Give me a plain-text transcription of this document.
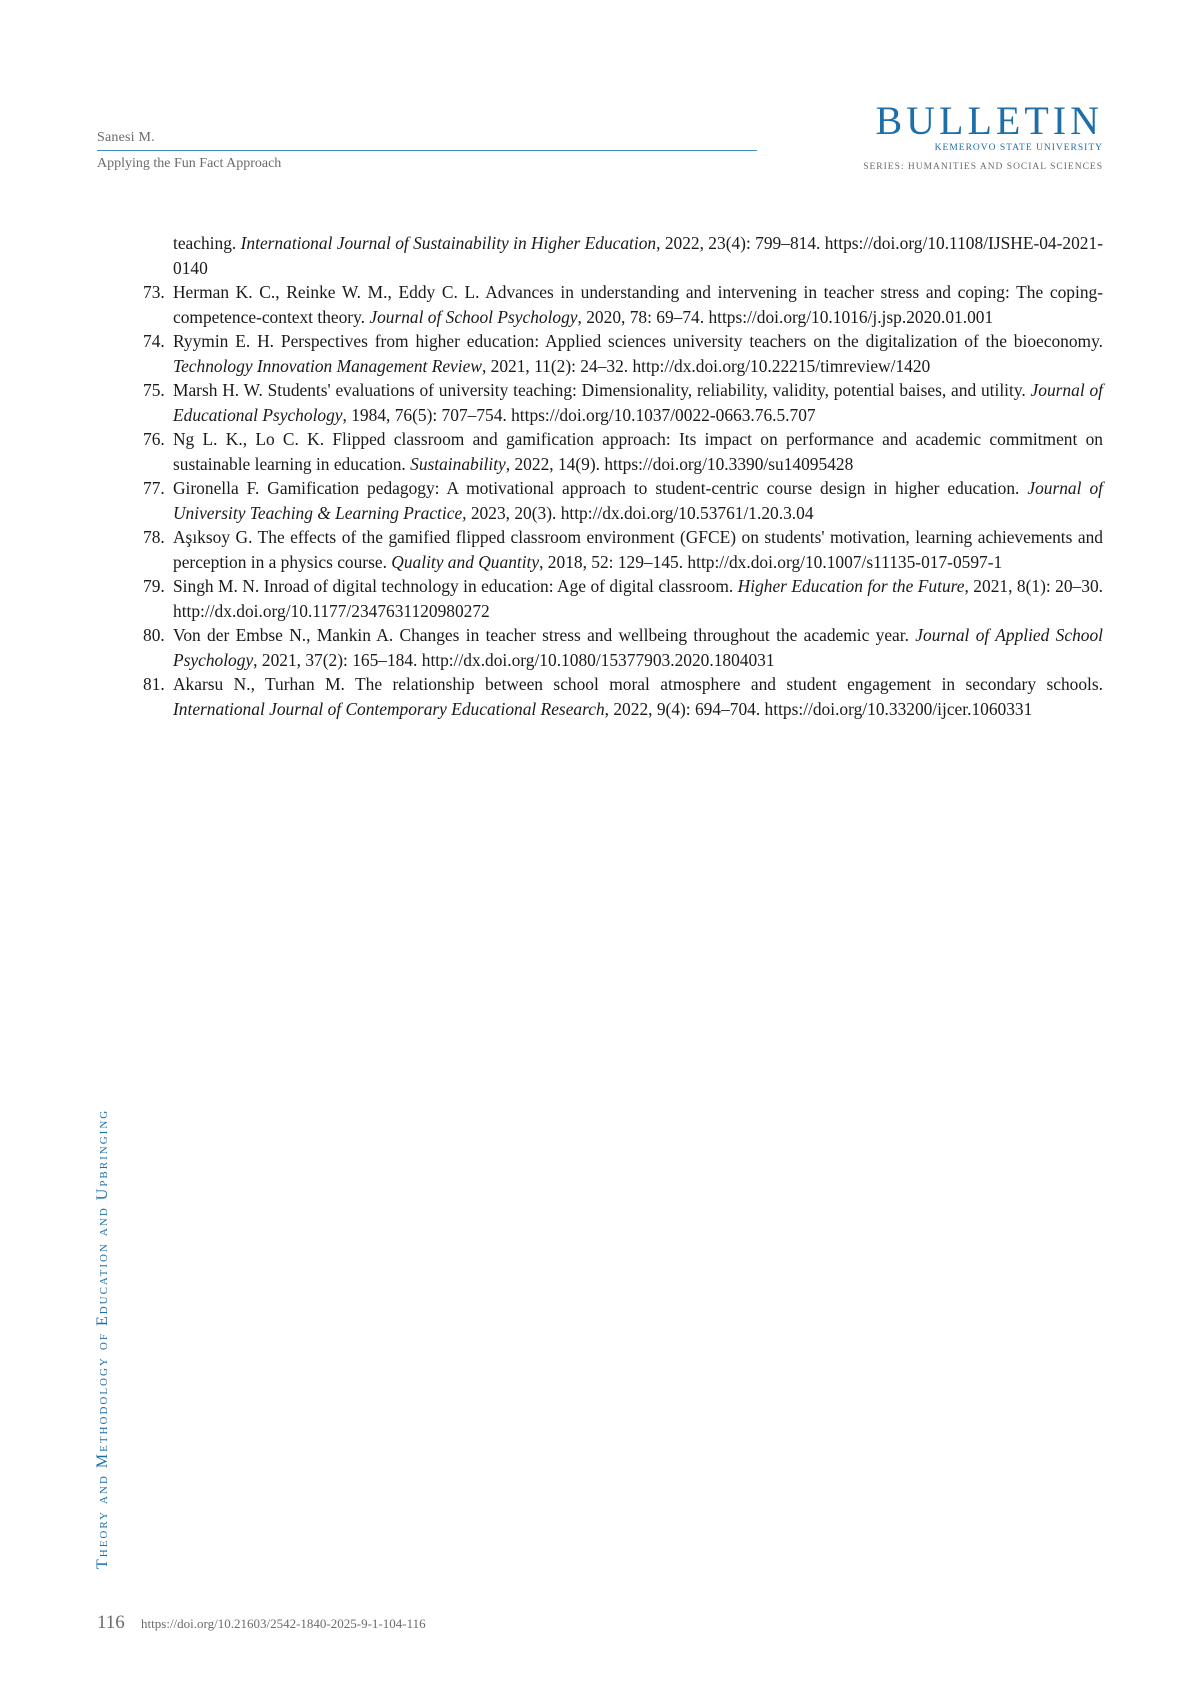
Sanesi M.
Applying the Fun Fact Approach
BULLETIN
KEMEROVO STATE UNIVERSITY
SERIES: HUMANITIES AND SOCIAL SCIENCES
teaching. International Journal of Sustainability in Higher Education, 2022, 23(4): 799–814. https://doi.org/10.1108/IJSHE-04-2021-0140
73. Herman K. C., Reinke W. M., Eddy C. L. Advances in understanding and intervening in teacher stress and coping: The coping-competence-context theory. Journal of School Psychology, 2020, 78: 69–74. https://doi.org/10.1016/j.jsp.2020.01.001
74. Ryymin E. H. Perspectives from higher education: Applied sciences university teachers on the digitalization of the bioeconomy. Technology Innovation Management Review, 2021, 11(2): 24–32. http://dx.doi.org/10.22215/timreview/1420
75. Marsh H. W. Students' evaluations of university teaching: Dimensionality, reliability, validity, potential baises, and utility. Journal of Educational Psychology, 1984, 76(5): 707–754. https://doi.org/10.1037/0022-0663.76.5.707
76. Ng L. K., Lo C. K. Flipped classroom and gamification approach: Its impact on performance and academic commitment on sustainable learning in education. Sustainability, 2022, 14(9). https://doi.org/10.3390/su14095428
77. Gironella F. Gamification pedagogy: A motivational approach to student-centric course design in higher education. Journal of University Teaching & Learning Practice, 2023, 20(3). http://dx.doi.org/10.53761/1.20.3.04
78. Aşıksoy G. The effects of the gamified flipped classroom environment (GFCE) on students' motivation, learning achievements and perception in a physics course. Quality and Quantity, 2018, 52: 129–145. http://dx.doi.org/10.1007/s11135-017-0597-1
79. Singh M. N. Inroad of digital technology in education: Age of digital classroom. Higher Education for the Future, 2021, 8(1): 20–30. http://dx.doi.org/10.1177/2347631120980272
80. Von der Embse N., Mankin A. Changes in teacher stress and wellbeing throughout the academic year. Journal of Applied School Psychology, 2021, 37(2): 165–184. http://dx.doi.org/10.1080/15377903.2020.1804031
81. Akarsu N., Turhan M. The relationship between school moral atmosphere and student engagement in secondary schools. International Journal of Contemporary Educational Research, 2022, 9(4): 694–704. https://doi.org/10.33200/ijcer.1060331
Theory and Methodology of Education and Upbringing
116 https://doi.org/10.21603/2542-1840-2025-9-1-104-116
